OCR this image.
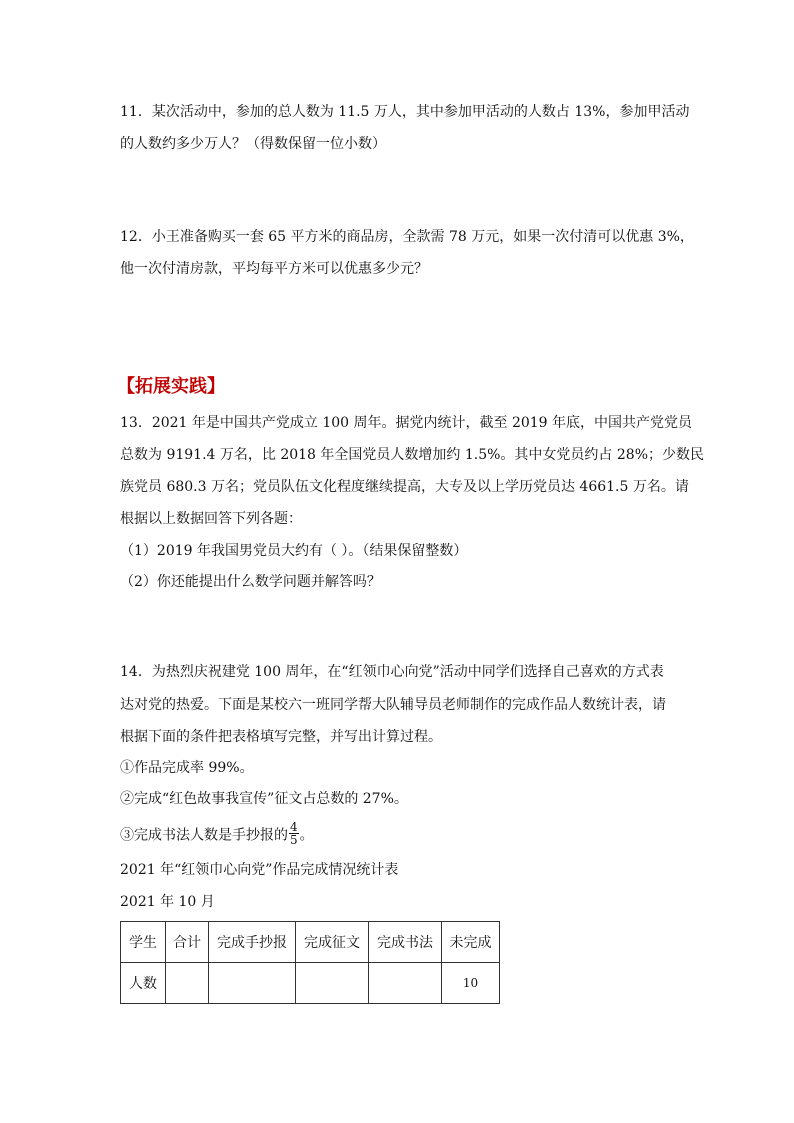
11．某次活动中，参加的总人数为 11.5 万人，其中参加甲活动的人数占 13%，参加甲活动
的人数约多少万人？（得数保留一位小数）
12．小王准备购买一套 65 平方米的商品房，全款需 78 万元，如果一次付清可以优惠 3%，
他一次付清房款，平均每平方米可以优惠多少元？
【拓展实践】
13．2021 年是中国共产党成立 100 周年。据党内统计，截至 2019 年底，中国共产党党员
总数为 9191.4 万名，比 2018 年全国党员人数增加约 1.5%。其中女党员约占 28%；少数民
族党员 680.3 万名；党员队伍文化程度继续提高，大专及以上学历党员达 4661.5 万名。请
根据以上数据回答下列各题：
（1）2019 年我国男党员大约有（ ）。（结果保留整数）
（2）你还能提出什么数学问题并解答吗？
14．为热烈庆祝建党 100 周年，在“红领巾心向党”活动中同学们选择自己喜欢的方式表
达对党的热爱。下面是某校六一班同学帮大队辅导员老师制作的完成作品人数统计表，请
根据下面的条件把表格填写完整，并写出计算过程。
①作品完成率 99%。
②完成“红色故事我宣传”征文占总数的 27%。
③完成书法人数是手抄报的 $\frac{4}{5}$ 。
2021 年“红领巾心向党”作品完成情况统计表
2021 年 10 月
学生	合计	完成手抄报	完成征文	完成书法	未完成
人数					10
